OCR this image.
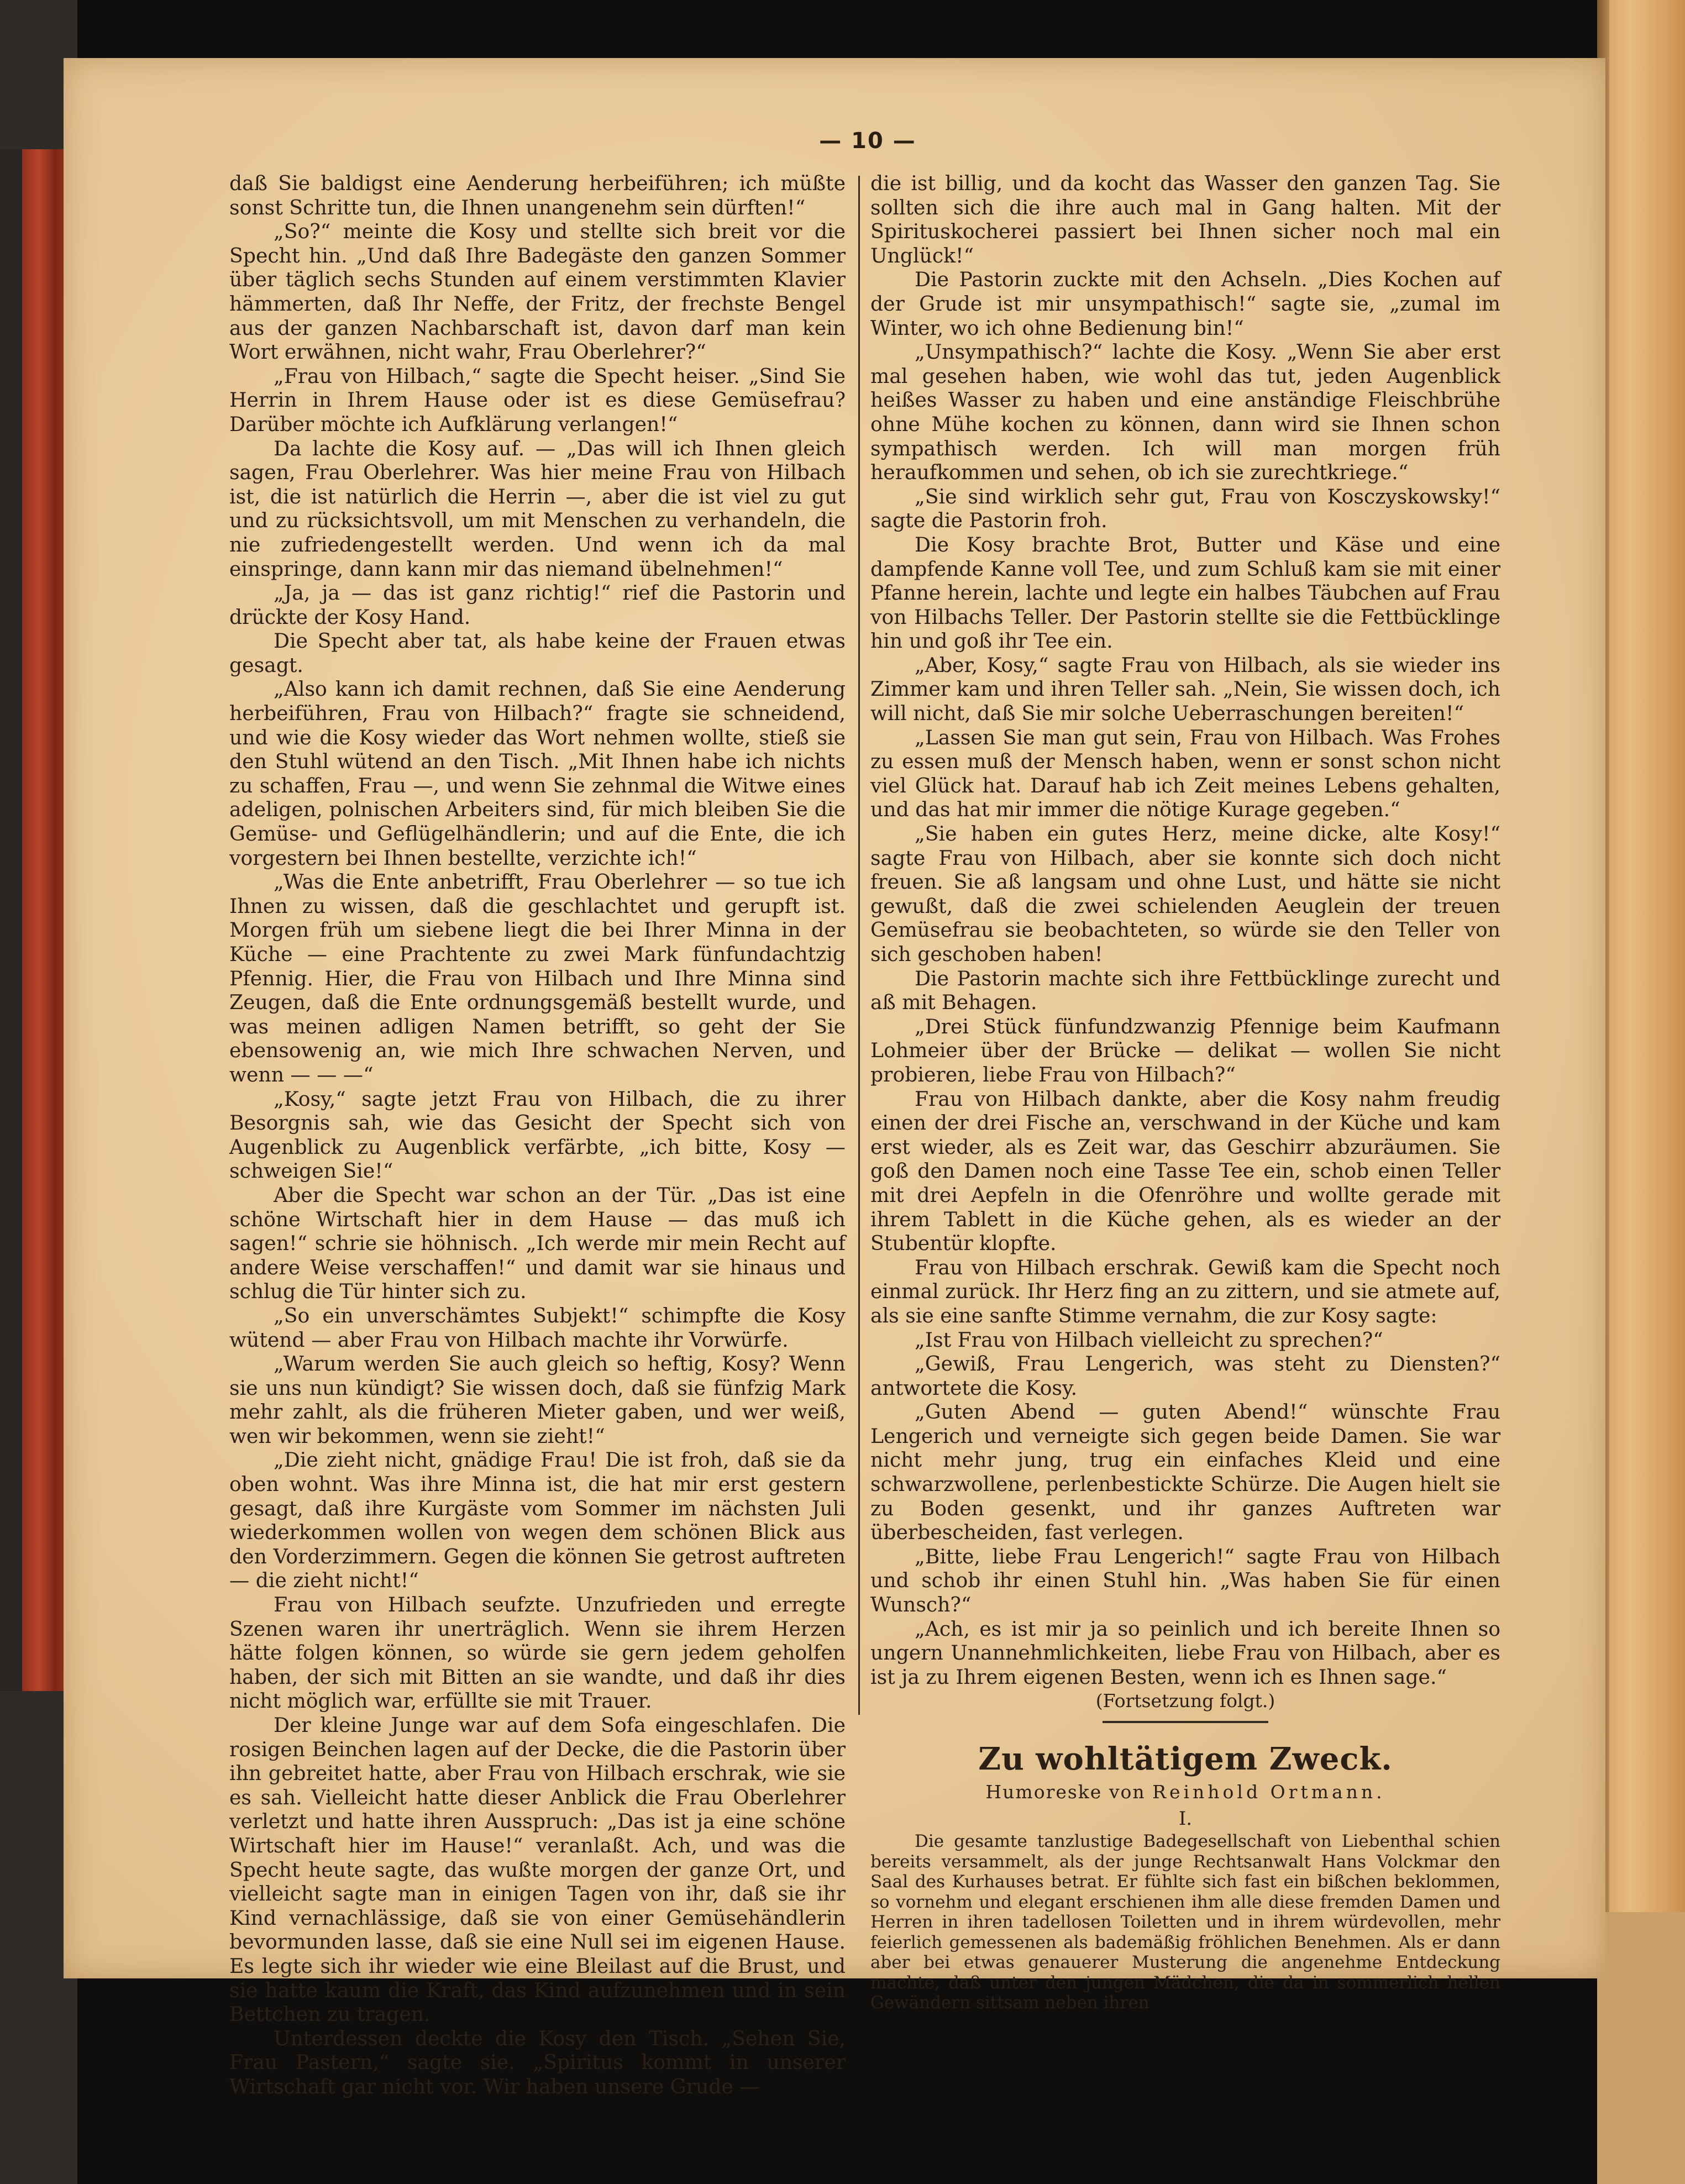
— 10 —

daß Sie baldigst eine Aenderung herbeiführen; ich müßte sonst Schritte tun, die Ihnen unangenehm sein dürften!“

„So?“ meinte die Kosy und stellte sich breit vor die Specht hin. „Und daß Ihre Badegäste den ganzen Sommer über täglich sechs Stunden auf einem verstimmten Klavier hämmerten, daß Ihr Neffe, der Fritz, der frechste Bengel aus der ganzen Nachbarschaft ist, davon darf man kein Wort erwähnen, nicht wahr, Frau Oberlehrer?“

„Frau von Hilbach,“ sagte die Specht heiser. „Sind Sie Herrin in Ihrem Hause oder ist es diese Gemüsefrau? Darüber möchte ich Aufklärung verlangen!“

Da lachte die Kosy auf. — „Das will ich Ihnen gleich sagen, Frau Oberlehrer. Was hier meine Frau von Hilbach ist, die ist natürlich die Herrin —, aber die ist viel zu gut und zu rücksichtsvoll, um mit Menschen zu verhandeln, die nie zufriedengestellt werden. Und wenn ich da mal einspringe, dann kann mir das niemand übelnehmen!“

„Ja, ja — das ist ganz richtig!“ rief die Pastorin und drückte der Kosy Hand.

Die Specht aber tat, als habe keine der Frauen etwas gesagt.

„Also kann ich damit rechnen, daß Sie eine Aenderung herbeiführen, Frau von Hilbach?“ fragte sie schneidend, und wie die Kosy wieder das Wort nehmen wollte, stieß sie den Stuhl wütend an den Tisch. „Mit Ihnen habe ich nichts zu schaffen, Frau —, und wenn Sie zehnmal die Witwe eines adeligen, polnischen Arbeiters sind, für mich bleiben Sie die Gemüse- und Geflügelhändlerin; und auf die Ente, die ich vorgestern bei Ihnen bestellte, verzichte ich!“

„Was die Ente anbetrifft, Frau Oberlehrer — so tue ich Ihnen zu wissen, daß die geschlachtet und gerupft ist. Morgen früh um siebene liegt die bei Ihrer Minna in der Küche — eine Prachtente zu zwei Mark fünfundachtzig Pfennig. Hier, die Frau von Hilbach und Ihre Minna sind Zeugen, daß die Ente ordnungsgemäß bestellt wurde, und was meinen adligen Namen betrifft, so geht der Sie ebensowenig an, wie mich Ihre schwachen Nerven, und wenn — — —“

„Kosy,“ sagte jetzt Frau von Hilbach, die zu ihrer Besorgnis sah, wie das Gesicht der Specht sich von Augenblick zu Augenblick verfärbte, „ich bitte, Kosy — schweigen Sie!“

Aber die Specht war schon an der Tür. „Das ist eine schöne Wirtschaft hier in dem Hause — das muß ich sagen!“ schrie sie höhnisch. „Ich werde mir mein Recht auf andere Weise verschaffen!“ und damit war sie hinaus und schlug die Tür hinter sich zu.

„So ein unverschämtes Subjekt!“ schimpfte die Kosy wütend — aber Frau von Hilbach machte ihr Vorwürfe.

„Warum werden Sie auch gleich so heftig, Kosy? Wenn sie uns nun kündigt? Sie wissen doch, daß sie fünfzig Mark mehr zahlt, als die früheren Mieter gaben, und wer weiß, wen wir bekommen, wenn sie zieht!“

„Die zieht nicht, gnädige Frau! Die ist froh, daß sie da oben wohnt. Was ihre Minna ist, die hat mir erst gestern gesagt, daß ihre Kurgäste vom Sommer im nächsten Juli wiederkommen wollen von wegen dem schönen Blick aus den Vorderzimmern. Gegen die können Sie getrost auftreten — die zieht nicht!“

Frau von Hilbach seufzte. Unzufrieden und erregte Szenen waren ihr unerträglich. Wenn sie ihrem Herzen hätte folgen können, so würde sie gern jedem geholfen haben, der sich mit Bitten an sie wandte, und daß ihr dies nicht möglich war, erfüllte sie mit Trauer.

Der kleine Junge war auf dem Sofa eingeschlafen. Die rosigen Beinchen lagen auf der Decke, die die Pastorin über ihn gebreitet hatte, aber Frau von Hilbach erschrak, wie sie es sah. Vielleicht hatte dieser Anblick die Frau Oberlehrer verletzt und hatte ihren Ausspruch: „Das ist ja eine schöne Wirtschaft hier im Hause!“ veranlaßt. Ach, und was die Specht heute sagte, das wußte morgen der ganze Ort, und vielleicht sagte man in einigen Tagen von ihr, daß sie ihr Kind vernachlässige, daß sie von einer Gemüsehändlerin bevormunden lasse, daß sie eine Null sei im eigenen Hause. Es legte sich ihr wieder wie eine Bleilast auf die Brust, und sie hatte kaum die Kraft, das Kind aufzunehmen und in sein Bettchen zu tragen.

Unterdessen deckte die Kosy den Tisch. „Sehen Sie, Frau Pastern,“ sagte sie. „Spiritus kommt in unserer Wirtschaft gar nicht vor. Wir haben unsere Grude —

die ist billig, und da kocht das Wasser den ganzen Tag. Sie sollten sich die ihre auch mal in Gang halten. Mit der Spirituskocherei passiert bei Ihnen sicher noch mal ein Unglück!“

Die Pastorin zuckte mit den Achseln. „Dies Kochen auf der Grude ist mir unsympathisch!“ sagte sie, „zumal im Winter, wo ich ohne Bedienung bin!“

„Unsympathisch?“ lachte die Kosy. „Wenn Sie aber erst mal gesehen haben, wie wohl das tut, jeden Augenblick heißes Wasser zu haben und eine anständige Fleischbrühe ohne Mühe kochen zu können, dann wird sie Ihnen schon sympathisch werden. Ich will man morgen früh heraufkommen und sehen, ob ich sie zurechtkriege.“

„Sie sind wirklich sehr gut, Frau von Kosczyskowsky!“ sagte die Pastorin froh.

Die Kosy brachte Brot, Butter und Käse und eine dampfende Kanne voll Tee, und zum Schluß kam sie mit einer Pfanne herein, lachte und legte ein halbes Täubchen auf Frau von Hilbachs Teller. Der Pastorin stellte sie die Fettbücklinge hin und goß ihr Tee ein.

„Aber, Kosy,“ sagte Frau von Hilbach, als sie wieder ins Zimmer kam und ihren Teller sah. „Nein, Sie wissen doch, ich will nicht, daß Sie mir solche Ueberraschungen bereiten!“

„Lassen Sie man gut sein, Frau von Hilbach. Was Frohes zu essen muß der Mensch haben, wenn er sonst schon nicht viel Glück hat. Darauf hab ich Zeit meines Lebens gehalten, und das hat mir immer die nötige Kurage gegeben.“

„Sie haben ein gutes Herz, meine dicke, alte Kosy!“ sagte Frau von Hilbach, aber sie konnte sich doch nicht freuen. Sie aß langsam und ohne Lust, und hätte sie nicht gewußt, daß die zwei schielenden Aeuglein der treuen Gemüsefrau sie beobachteten, so würde sie den Teller von sich geschoben haben!

Die Pastorin machte sich ihre Fettbücklinge zurecht und aß mit Behagen.

„Drei Stück fünfundzwanzig Pfennige beim Kaufmann Lohmeier über der Brücke — delikat — wollen Sie nicht probieren, liebe Frau von Hilbach?“

Frau von Hilbach dankte, aber die Kosy nahm freudig einen der drei Fische an, verschwand in der Küche und kam erst wieder, als es Zeit war, das Geschirr abzuräumen. Sie goß den Damen noch eine Tasse Tee ein, schob einen Teller mit drei Aepfeln in die Ofenröhre und wollte gerade mit ihrem Tablett in die Küche gehen, als es wieder an der Stubentür klopfte.

Frau von Hilbach erschrak. Gewiß kam die Specht noch einmal zurück. Ihr Herz fing an zu zittern, und sie atmete auf, als sie eine sanfte Stimme vernahm, die zur Kosy sagte:

„Ist Frau von Hilbach vielleicht zu sprechen?“

„Gewiß, Frau Lengerich, was steht zu Diensten?“ antwortete die Kosy.

„Guten Abend — guten Abend!“ wünschte Frau Lengerich und verneigte sich gegen beide Damen. Sie war nicht mehr jung, trug ein einfaches Kleid und eine schwarzwollene, perlenbestickte Schürze. Die Augen hielt sie zu Boden gesenkt, und ihr ganzes Auftreten war überbescheiden, fast verlegen.

„Bitte, liebe Frau Lengerich!“ sagte Frau von Hilbach und schob ihr einen Stuhl hin. „Was haben Sie für einen Wunsch?“

„Ach, es ist mir ja so peinlich und ich bereite Ihnen so ungern Unannehmlichkeiten, liebe Frau von Hilbach, aber es ist ja zu Ihrem eigenen Besten, wenn ich es Ihnen sage.“

(Fortsetzung folgt.)

Zu wohltätigem Zweck.

Humoreske von Reinhold Ortmann.

I.

Die gesamte tanzlustige Badegesellschaft von Liebenthal schien bereits versammelt, als der junge Rechtsanwalt Hans Volckmar den Saal des Kurhauses betrat. Er fühlte sich fast ein bißchen beklommen, so vornehm und elegant erschienen ihm alle diese fremden Damen und Herren in ihren tadellosen Toiletten und in ihrem würdevollen, mehr feierlich gemessenen als bademäßig fröhlichen Benehmen. Als er dann aber bei etwas genauerer Musterung die angenehme Entdeckung machte, daß unter den jungen Mädchen, die da in sommerlich hellen Gewändern sittsam neben ihren
